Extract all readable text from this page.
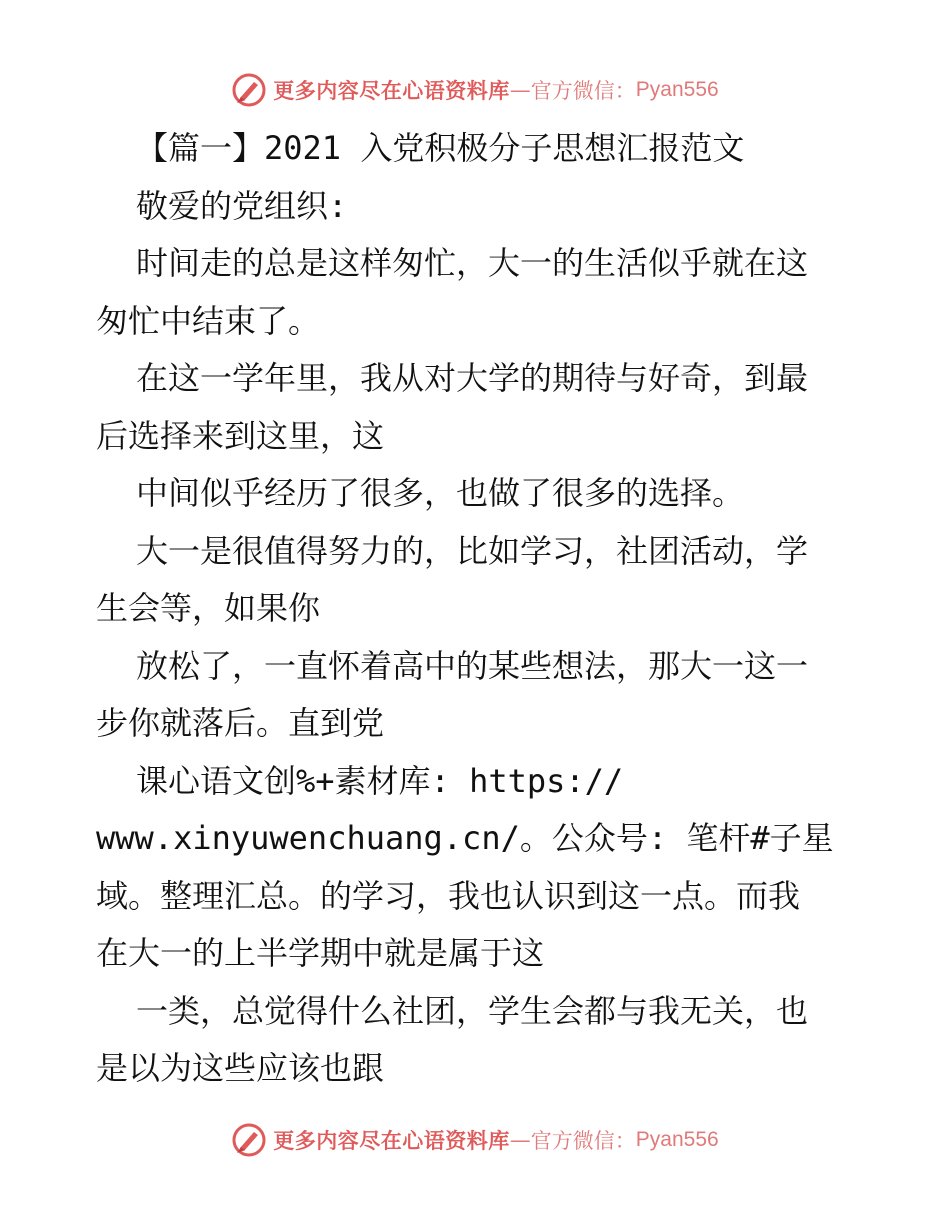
更多内容尽在心语资料库 — 官方微信： Pyan556
【篇一】2021 入党积极分子思想汇报范文
敬爱的党组织:
时间走的总是这样匆忙，大一的生活似乎就在这
匆忙中结束了。
在这一学年里，我从对大学的期待与好奇，到最
后选择来到这里，这
中间似乎经历了很多，也做了很多的选择。
大一是很值得努力的，比如学习，社团活动，学
生会等，如果你
放松了，一直怀着高中的某些想法，那大一这一
步你就落后。直到党
课心语文创%+素材库: https://
www.xinyuwenchuang.cn/。公众号: 笔杆#子星
域。整理汇总。的学习，我也认识到这一点。而我
在大一的上半学期中就是属于这
一类，总觉得什么社团，学生会都与我无关，也
是以为这些应该也跟
更多内容尽在心语资料库 — 官方微信： Pyan556
